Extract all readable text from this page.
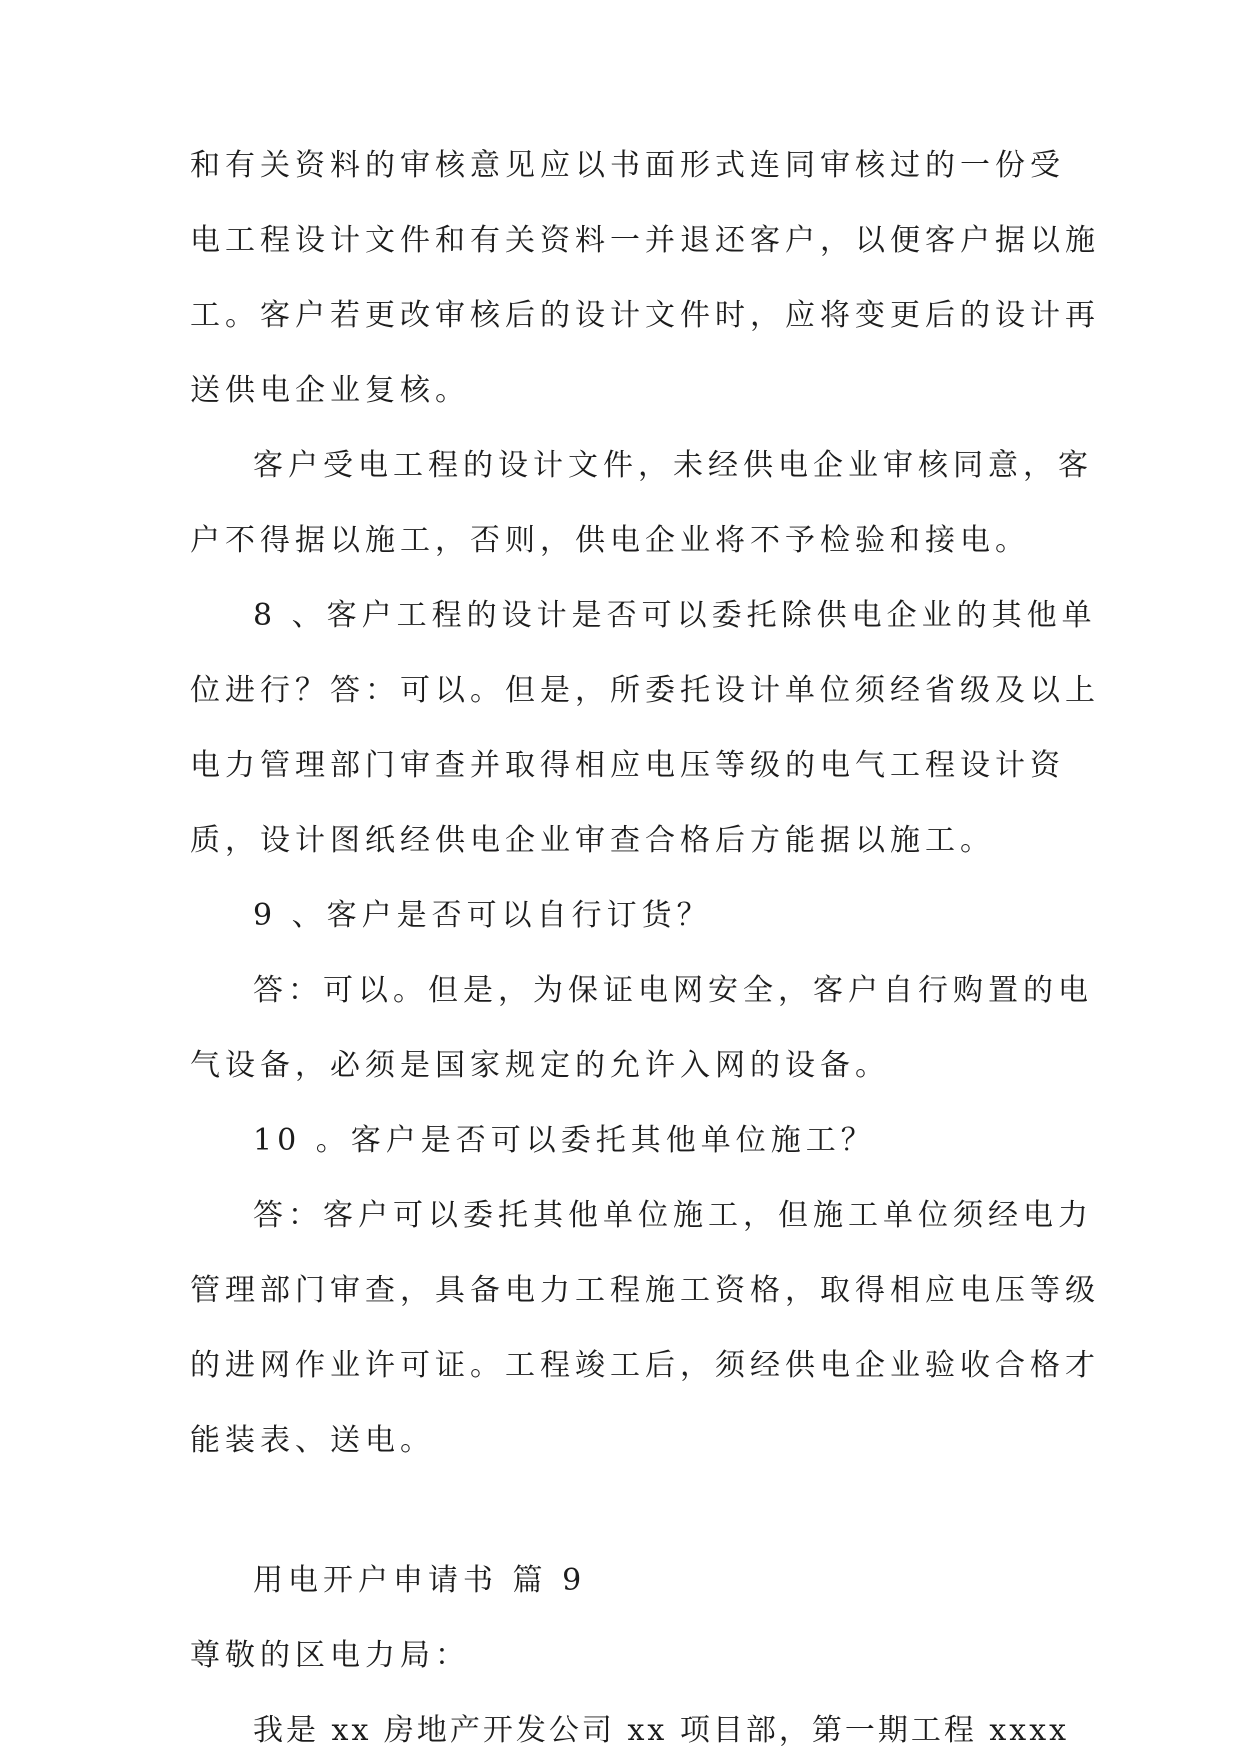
和有关资料的审核意见应以书面形式连同审核过的一份受
电工程设计文件和有关资料一并退还客户，以便客户据以施
工。客户若更改审核后的设计文件时，应将变更后的设计再
送供电企业复核。
客户受电工程的设计文件，未经供电企业审核同意，客
户不得据以施工，否则，供电企业将不予检验和接电。
8 、客户工程的设计是否可以委托除供电企业的其他单
位进行？答：可以。但是，所委托设计单位须经省级及以上
电力管理部门审查并取得相应电压等级的电气工程设计资
质，设计图纸经供电企业审查合格后方能据以施工。
9 、客户是否可以自行订货？
答：可以。但是，为保证电网安全，客户自行购置的电
气设备，必须是国家规定的允许入网的设备。
10 。客户是否可以委托其他单位施工？
答：客户可以委托其他单位施工，但施工单位须经电力
管理部门审查，具备电力工程施工资格，取得相应电压等级
的进网作业许可证。工程竣工后，须经供电企业验收合格才
能装表、送电。
用电开户申请书 篇 9
尊敬的区电力局：
我是 xx 房地产开发公司 xx 项目部，第一期工程 xxxx
